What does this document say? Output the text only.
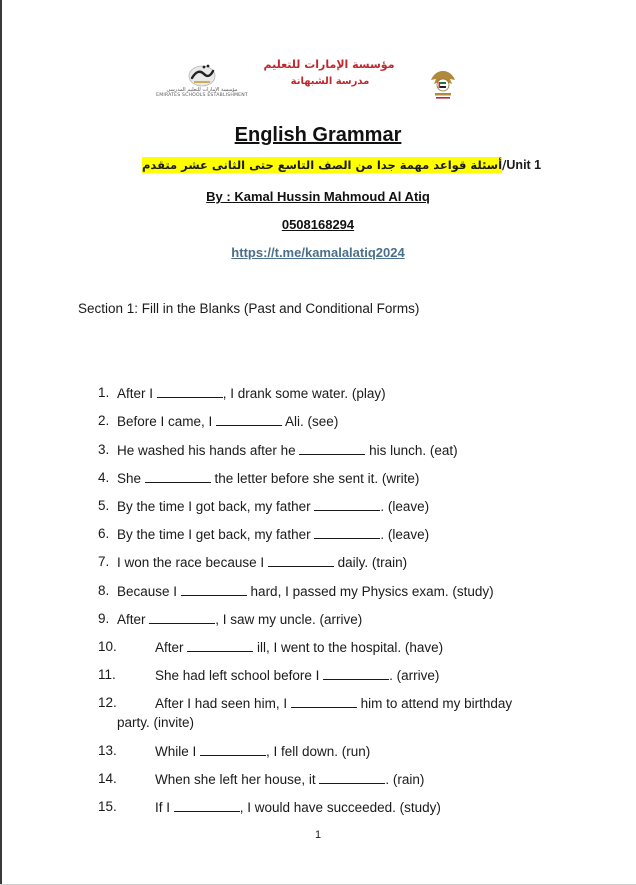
مؤسسة الإمارات للتعليم المدرسي
EMIRATES SCHOOLS ESTABLISHMENT
مؤسسة الإمارات للتعليم
مدرسة الشبهانة
English Grammar
أسئلة قواعد مهمة جدا من الصف التاسع حتى الثانى عشر متقدم/Unit 1
By : Kamal Hussin Mahmoud Al Atiq
0508168294
https://t.me/kamalalatiq2024
Section 1: Fill in the Blanks (Past and Conditional Forms)
1. After I	, I drank some water. (play)
2. Before I came, I	Ali. (see)
3. He washed his hands after he	his lunch. (eat)
4. She	the letter before she sent it. (write)
5. By the time I got back, my father	. (leave)
6. By the time I get back, my father	. (leave)
7. I won the race because I	daily. (train)
8. Because I	hard, I passed my Physics exam. (study)
9. After	, I saw my uncle. (arrive)
10.	After	ill, I went to the hospital. (have)
11.	She had left school before I	. (arrive)
12.	After I had seen him, I	him to attend my birthday
party. (invite)
13.	While I	, I fell down. (run)
14.	When she left her house, it	. (rain)
15.	If I	, I would have succeeded. (study)
1
